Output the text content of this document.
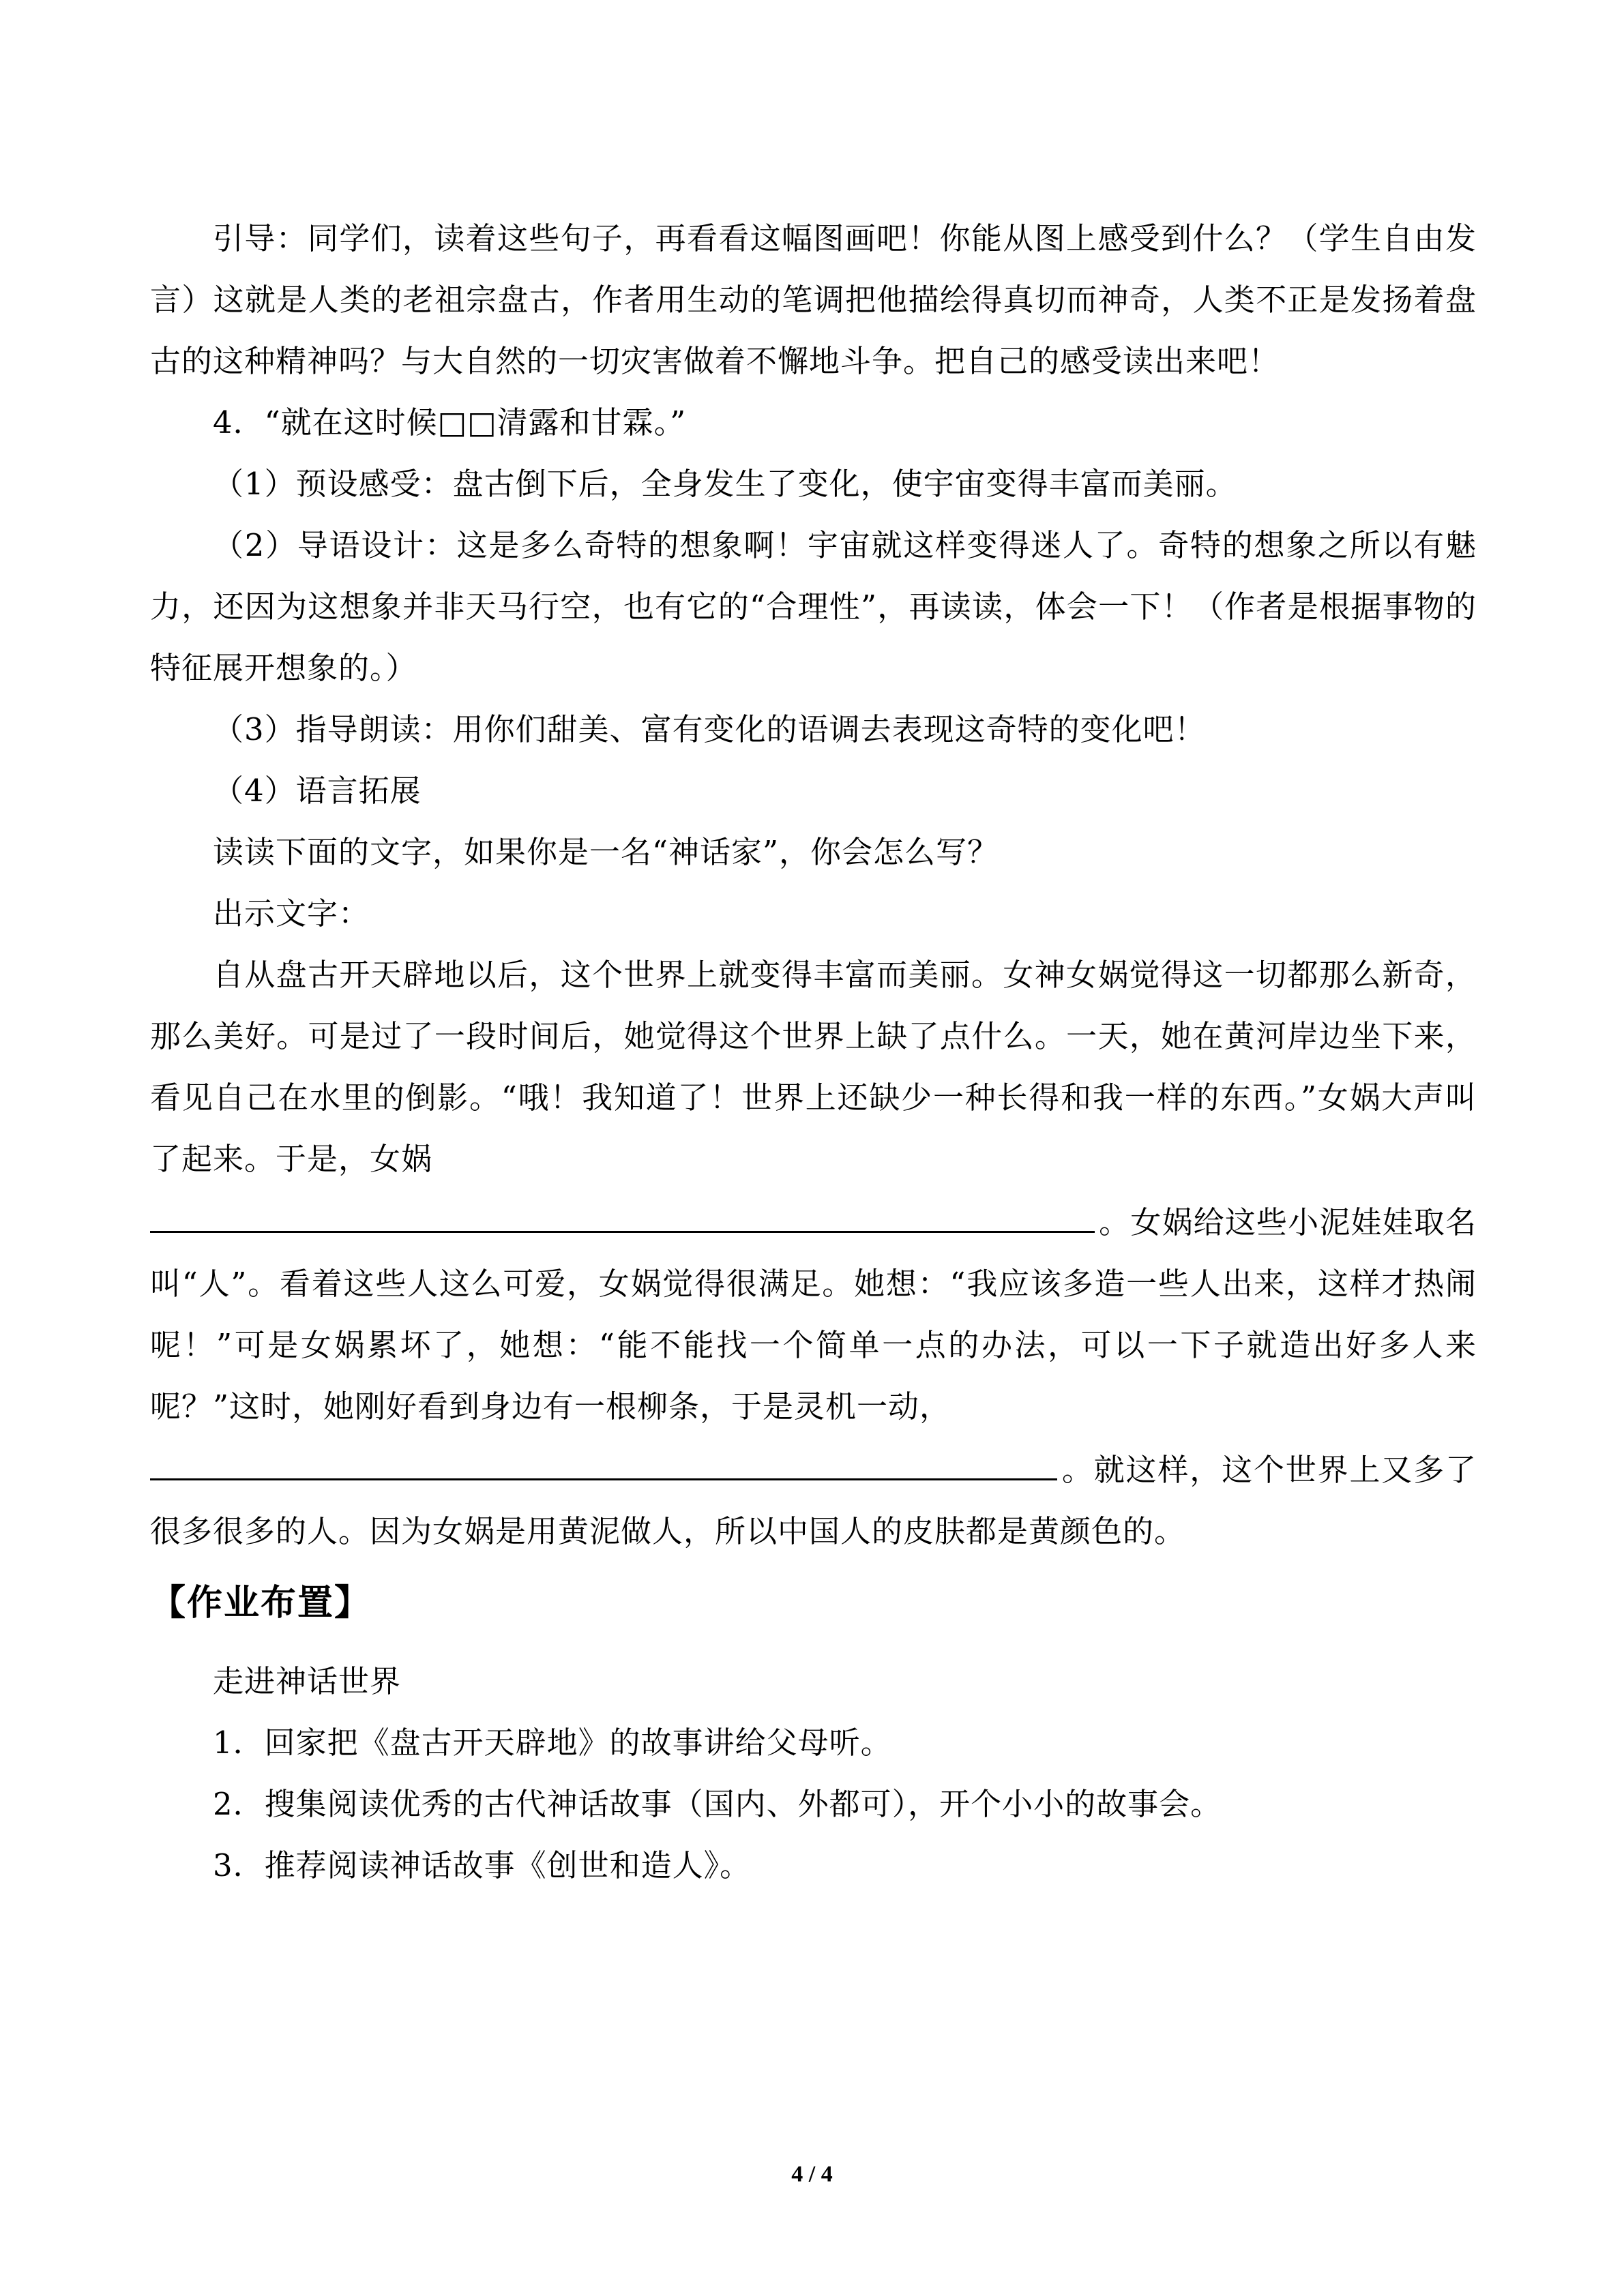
引导：同学们，读着这些句子，再看看这幅图画吧！你能从图上感受到什么？（学生自由发言）这就是人类的老祖宗盘古，作者用生动的笔调把他描绘得真切而神奇，人类不正是发扬着盘古的这种精神吗？与大自然的一切灾害做着不懈地斗争。把自己的感受读出来吧！

4．“就在这时候□□清露和甘霖。”

（1）预设感受：盘古倒下后，全身发生了变化，使宇宙变得丰富而美丽。

（2）导语设计：这是多么奇特的想象啊！宇宙就这样变得迷人了。奇特的想象之所以有魅力，还因为这想象并非天马行空，也有它的“合理性”，再读读，体会一下！（作者是根据事物的特征展开想象的。）

（3）指导朗读：用你们甜美、富有变化的语调去表现这奇特的变化吧！

（4）语言拓展

读读下面的文字，如果你是一名“神话家”，你会怎么写？

出示文字：

自从盘古开天辟地以后，这个世界上就变得丰富而美丽。女神女娲觉得这一切都那么新奇，那么美好。可是过了一段时间后，她觉得这个世界上缺了点什么。一天，她在黄河岸边坐下来，看见自己在水里的倒影。“哦！我知道了！世界上还缺少一种长得和我一样的东西。”女娲大声叫了起来。于是，女娲

。女娲给这些小泥娃娃取名叫“人”。看着这些人这么可爱，女娲觉得很满足。她想：“我应该多造一些人出来，这样才热闹呢！”可是女娲累坏了，她想：“能不能找一个简单一点的办法，可以一下子就造出好多人来呢？”这时，她刚好看到身边有一根柳条，于是灵机一动，

。就这样，这个世界上又多了很多很多的人。因为女娲是用黄泥做人，所以中国人的皮肤都是黄颜色的。

【作业布置】

走进神话世界

1．回家把《盘古开天辟地》的故事讲给父母听。

2．搜集阅读优秀的古代神话故事（国内、外都可），开个小小的故事会。

3．推荐阅读神话故事《创世和造人》。

4 / 4
